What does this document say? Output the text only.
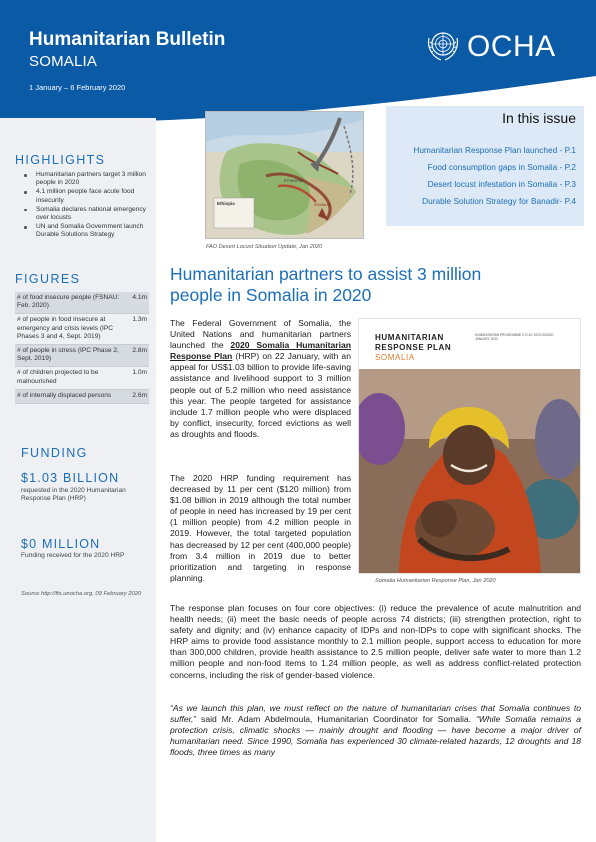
Humanitarian Bulletin
SOMALIA
1 January – 6 February 2020
OCHA
HIGHLIGHTS
Humanitarian partners target 3 million people in 2020
4.1 million people face acute food insecurity
Somalia declares national emergency over locusts
UN and Somalia Government launch Durable Solutions Strategy
FIGURES
# of food insecure people (FSNAU: Feb. 2020)	4.1m
# of people in food insecure at emergency and crisis levels (IPC Phases 3 and 4, Sept. 2019)	1.3m
# of people in stress (IPC Phase 2, Sept. 2019)	2.8m
# of children projected to be malnourished	1.0m
# of internally displaced persons	2.6m
FUNDING
$1.03 BILLION
requested in the 2020 Humanitarian Response Plan (HRP)
$0 MILLION
Funding received for the 2020 HRP
Source http://fts.unocha.org, 09 February 2020
Ethiopia
ETHIOPIA
SOMALIA
FAO Desert Locust Situation Update, Jan 2020
In this issue
Humanitarian Response Plan launched - P.1
Food consumption gaps in Somalia - P.2
Desert locust infestation in Somalia - P.3
Durable Solution Strategy for Banadir- P.4
Humanitarian partners to assist 3 million people in Somalia in 2020

The Federal Government of Somalia, the United Nations and humanitarian partners launched the 2020 Somalia Humanitarian Response Plan (HRP) on 22 January, with an appeal for US$1.03 billion to provide life-saving assistance and livelihood support to 3 million people out of 5.2 million who need assistance this year. The people targeted for assistance include 1.7 million people who were displaced by conflict, insecurity, forced evictions as well as droughts and floods.

The 2020 HRP funding requirement has decreased by 11 per cent ($120 million) from $1.08 billion in 2019 although the total number of people in need has increased by 19 per cent (1 million people) from 4.2 million people in 2019. However, the total targeted population has decreased by 12 per cent (400,000 people) from 3.4 million in 2019 due to better prioritization and targeting in response planning.

The response plan focuses on four core objectives: (i) reduce the prevalence of acute malnutrition and health needs; (ii) meet the basic needs of people across 74 districts; (iii) strengthen protection, right to safety and dignity; and (iv) enhance capacity of IDPs and non-IDPs to cope with significant shocks. The HRP aims to provide food assistance monthly to 2.1 million people, support access to education for more than 300,000 children, provide health assistance to 2.5 million people, deliver safe water to more than 1.2 million people and non-food items to 1.24 million people, as well as address conflict-related protection concerns, including the risk of gender-based violence.

“As we launch this plan, we must reflect on the nature of humanitarian crises that Somalia continues to suffer,” said Mr. Adam Abdelmoula, Humanitarian Coordinator for Somalia. “While Somalia remains a protection crisis, climatic shocks — mainly drought and flooding — have become a major driver of humanitarian need. Since 1990, Somalia has experienced 30 climate-related hazards, 12 droughts and 18 floods, three times as many

HUMANITARIAN
RESPONSE PLAN
SOMALIA
HUMANITARIAN PROGRAMME CYCLE 2020 ISSUED JANUARY 2020
Somalia Humanitarian Response Plan, Jan 2020
